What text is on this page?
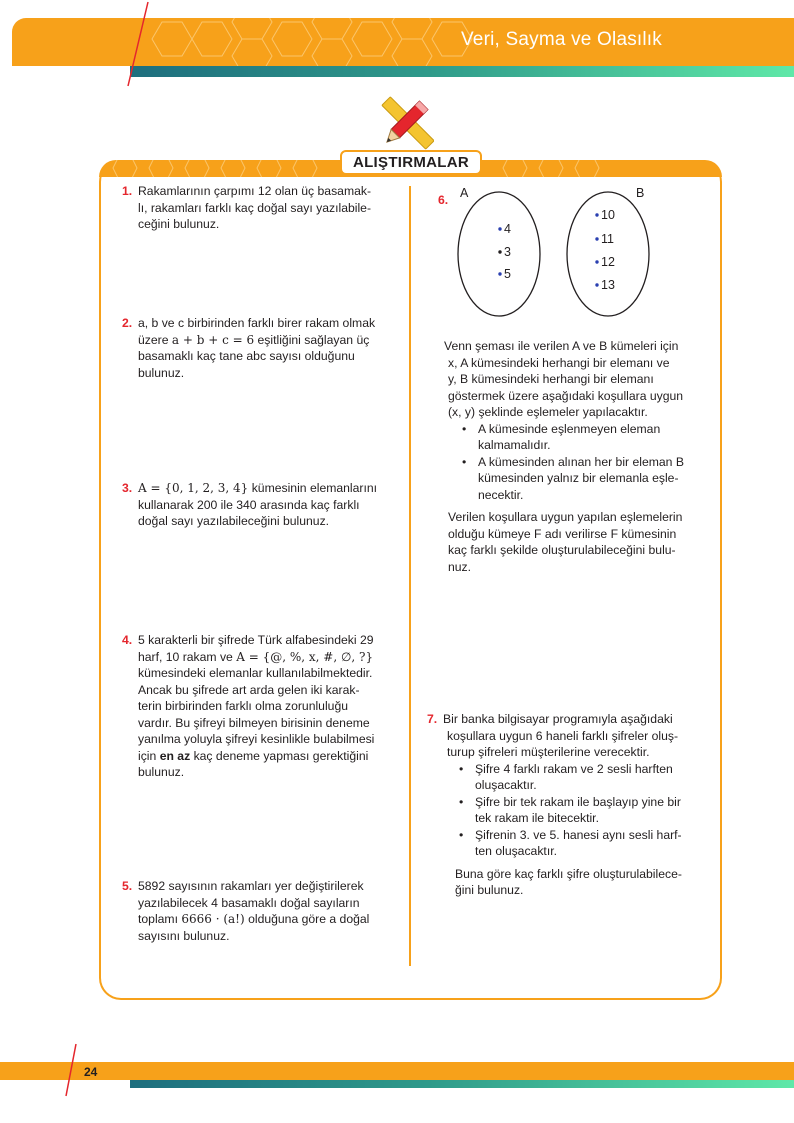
Veri, Sayma ve Olasılık
ALIŞTIRMALAR
1. Rakamlarının çarpımı 12 olan üç basamak-

lı, rakamları farklı kaç doğal sayı yazılabile-

ceğini bulunuz.

2. a, b ve c birbirinden farklı birer rakam olmak

üzere a + b + c = 6 eşitliğini sağlayan üç

basamaklı kaç tane abc sayısı olduğunu

bulunuz.

3. A = {0, 1, 2, 3, 4} kümesinin elemanlarını

kullanarak 200 ile 340 arasında kaç farklı

doğal sayı yazılabileceğini bulunuz.

4. 5 karakterli bir şifrede Türk alfabesindeki 29

harf, 10 rakam ve A = {@, %, x, #, ∅, ?}

kümesindeki elemanlar kullanılabilmektedir.

Ancak bu şifrede art arda gelen iki karak-

terin birbirinden farklı olma zorunluluğu

vardır. Bu şifreyi bilmeyen birisinin deneme

yanılma yoluyla şifreyi kesinlikle bulabilmesi

için en az kaç deneme yapması gerektiğini

bulunuz.

5. 5892 sayısının rakamları yer değiştirilerek

yazılabilecek 4 basamaklı doğal sayıların

toplamı 6666 · (a!) olduğuna göre a doğal

sayısını bulunuz.

6. A	B
4
3
5
10
11
12
13

Venn şeması ile verilen A ve B kümeleri için

x, A kümesindeki herhangi bir elemanı ve

y, B kümesindeki herhangi bir elemanı

göstermek üzere aşağıdaki koşullara uygun

(x, y) şeklinde eşlemeler yapılacaktır.

• A kümesinde eşlenmeyen eleman

kalmamalıdır.

• A kümesinden alınan her bir eleman B

kümesinden yalnız bir elemanla eşle-

necektir.

Verilen koşullara uygun yapılan eşlemelerin

olduğu kümeye F adı verilirse F kümesinin

kaç farklı şekilde oluşturulabileceğini bulu-

nuz.

7. Bir banka bilgisayar programıyla aşağıdaki

koşullara uygun 6 haneli farklı şifreler oluş-

turup şifreleri müşterilerine verecektir.

• Şifre 4 farklı rakam ve 2 sesli harften

oluşacaktır.

• Şifre bir tek rakam ile başlayıp yine bir

tek rakam ile bitecektir.

• Şifrenin 3. ve 5. hanesi aynı sesli harf-

ten oluşacaktır.

Buna göre kaç farklı şifre oluşturulabilece-

ğini bulunuz.

24
